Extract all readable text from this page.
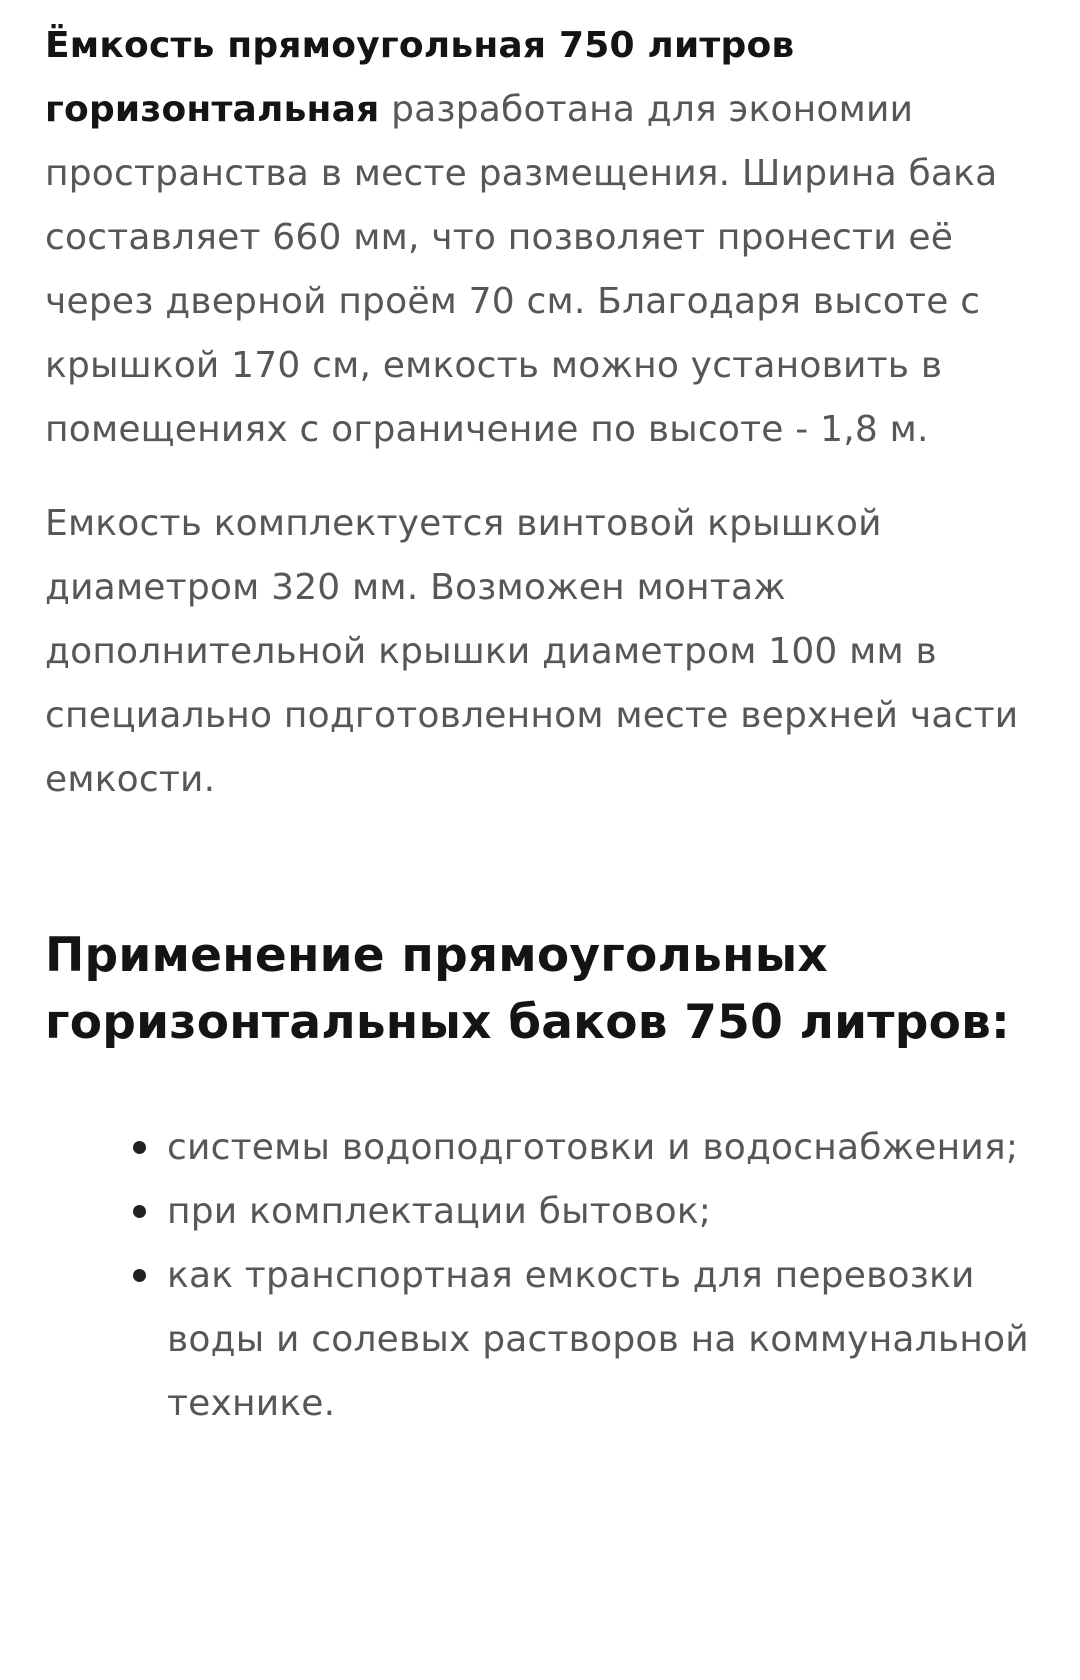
Ёмкость прямоугольная 750 литров горизонтальная разработана для экономии пространства в месте размещения. Ширина бака составляет 660 мм, что позволяет пронести её через дверной проём 70 см. Благодаря высоте с крышкой 170 см, емкость можно установить в помещениях с ограничение по высоте - 1,8 м.

Емкость комплектуется винтовой крышкой диаметром 320 мм. Возможен монтаж дополнительной крышки диаметром 100 мм в специально подготовленном месте верхней части емкости.

Применение прямоугольных горизонтальных баков 750 литров:
системы водоподготовки и водоснабжения;
при комплектации бытовок;
как транспортная емкость для перевозки воды и солевых растворов на коммунальной технике.
